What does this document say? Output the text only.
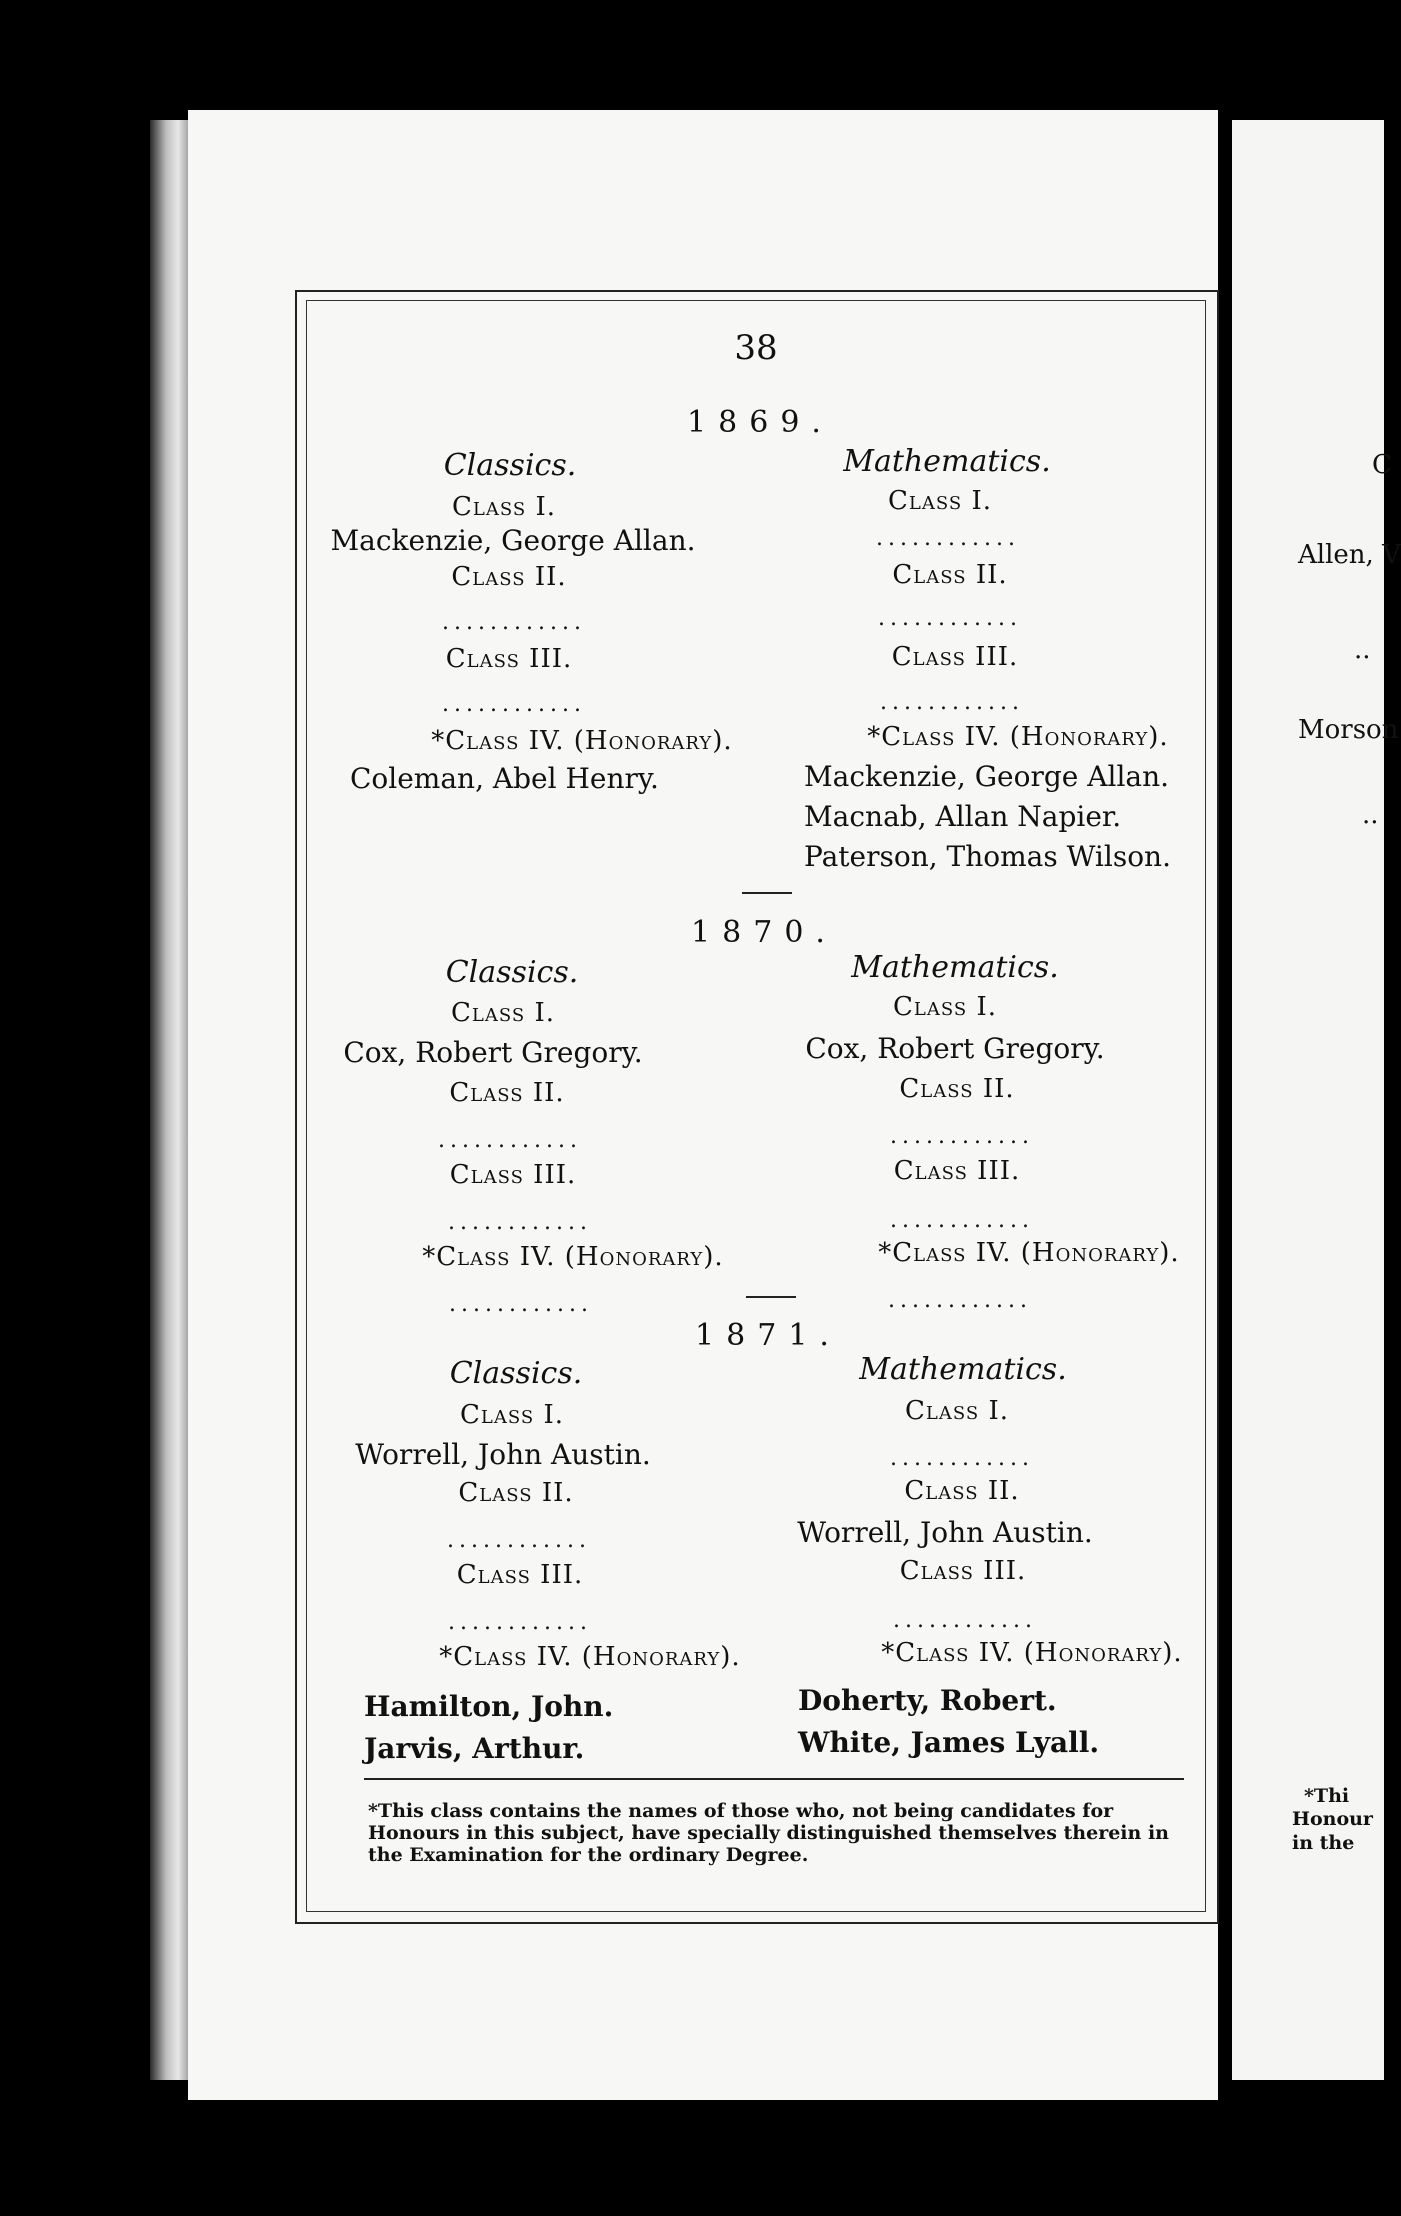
C
Allen, V
..
Morson
..
*Thi
Honour
in the
38
1869.
Classics.
Class I.
Mackenzie, George Allan.
Class II.
............
Class III.
............
*Class IV. (Honorary).
Coleman, Abel Henry.
Mathematics.
Class I.
............
Class II.
............
Class III.
............
*Class IV. (Honorary).
Mackenzie, George Allan.
Macnab, Allan Napier.
Paterson, Thomas Wilson.
1870.
Classics.
Class I.
Cox, Robert Gregory.
Class II.
............
Class III.
............
*Class IV. (Honorary).
............
Mathematics.
Class I.
Cox, Robert Gregory.
Class II.
............
Class III.
............
*Class IV. (Honorary).
............
1871.
Classics.
Class I.
Worrell, John Austin.
Class II.
............
Class III.
............
*Class IV. (Honorary).
Hamilton, John.
Jarvis, Arthur.
Mathematics.
Class I.
............
Class II.
Worrell, John Austin.
Class III.
............
*Class IV. (Honorary).
Doherty, Robert.
White, James Lyall.
*This class contains the names of those who, not being candidates for Honours in this subject, have specially distinguished themselves therein in the Examination for the ordinary Degree.
